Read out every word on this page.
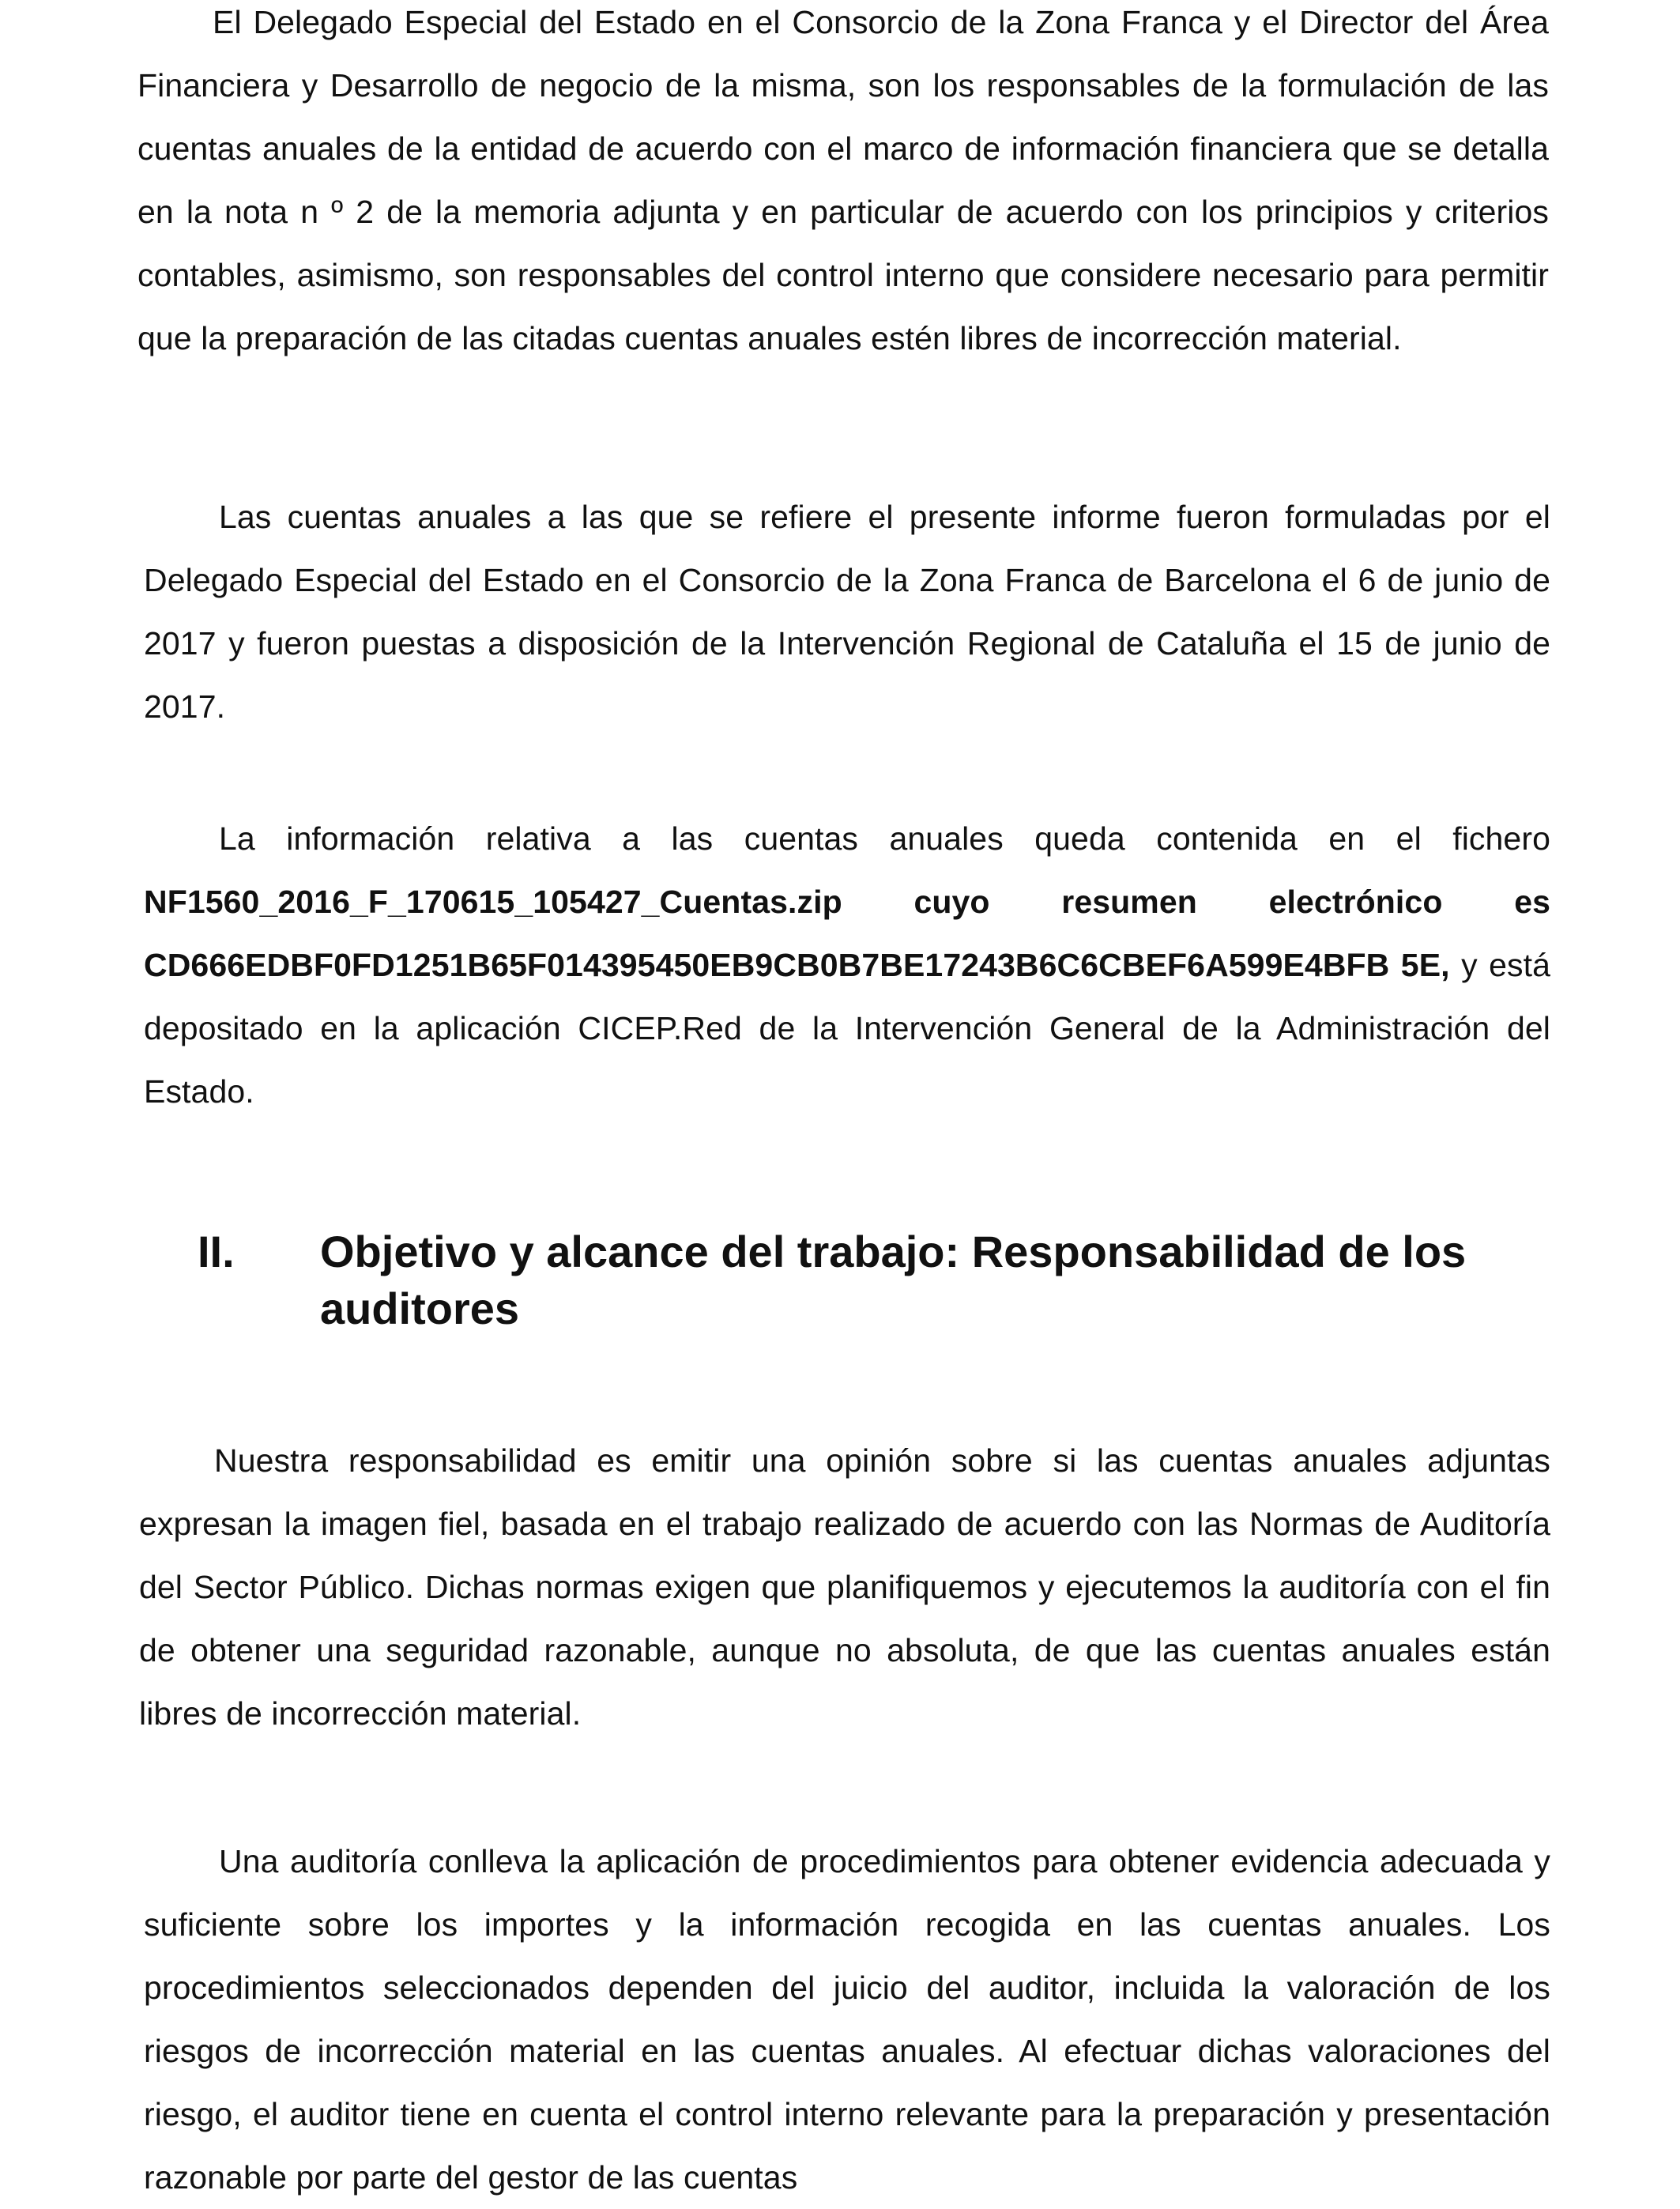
El Delegado Especial del Estado en el Consorcio de la Zona Franca y el Director del Área Financiera y Desarrollo de negocio de la misma, son los responsables de la formulación de las cuentas anuales de la entidad de acuerdo con el marco de información financiera que se detalla en la nota n º 2 de la memoria adjunta y en particular de acuerdo con los principios y criterios contables, asimismo, son responsables del control interno que considere necesario para permitir que la preparación de las citadas cuentas anuales estén libres de incorrección material.

Las cuentas anuales a las que se refiere el presente informe fueron formuladas por el Delegado Especial del Estado en el Consorcio de la Zona Franca de Barcelona el 6 de junio de 2017 y fueron puestas a disposición de la Intervención Regional de Cataluña el 15 de junio de 2017.

La información relativa a las cuentas anuales queda contenida en el fichero NF1560_2016_F_170615_105427_Cuentas.zip cuyo resumen electrónico es CD666EDBF0FD1251B65F014395450EB9CB0B7BE17243B6C6CBEF6A599E4BFB 5E, y está depositado en la aplicación CICEP.Red de la Intervención General de la Administración del Estado.

II. Objetivo y alcance del trabajo: Responsabilidad de los auditores

Nuestra responsabilidad es emitir una opinión sobre si las cuentas anuales adjuntas expresan la imagen fiel, basada en el trabajo realizado de acuerdo con las Normas de Auditoría del Sector Público. Dichas normas exigen que planifiquemos y ejecutemos la auditoría con el fin de obtener una seguridad razonable, aunque no absoluta, de que las cuentas anuales están libres de incorrección material.

Una auditoría conlleva la aplicación de procedimientos para obtener evidencia adecuada y suficiente sobre los importes y la información recogida en las cuentas anuales. Los procedimientos seleccionados dependen del juicio del auditor, incluida la valoración de los riesgos de incorrección material en las cuentas anuales. Al efectuar dichas valoraciones del riesgo, el auditor tiene en cuenta el control interno relevante para la preparación y presentación razonable por parte del gestor de las cuentas
